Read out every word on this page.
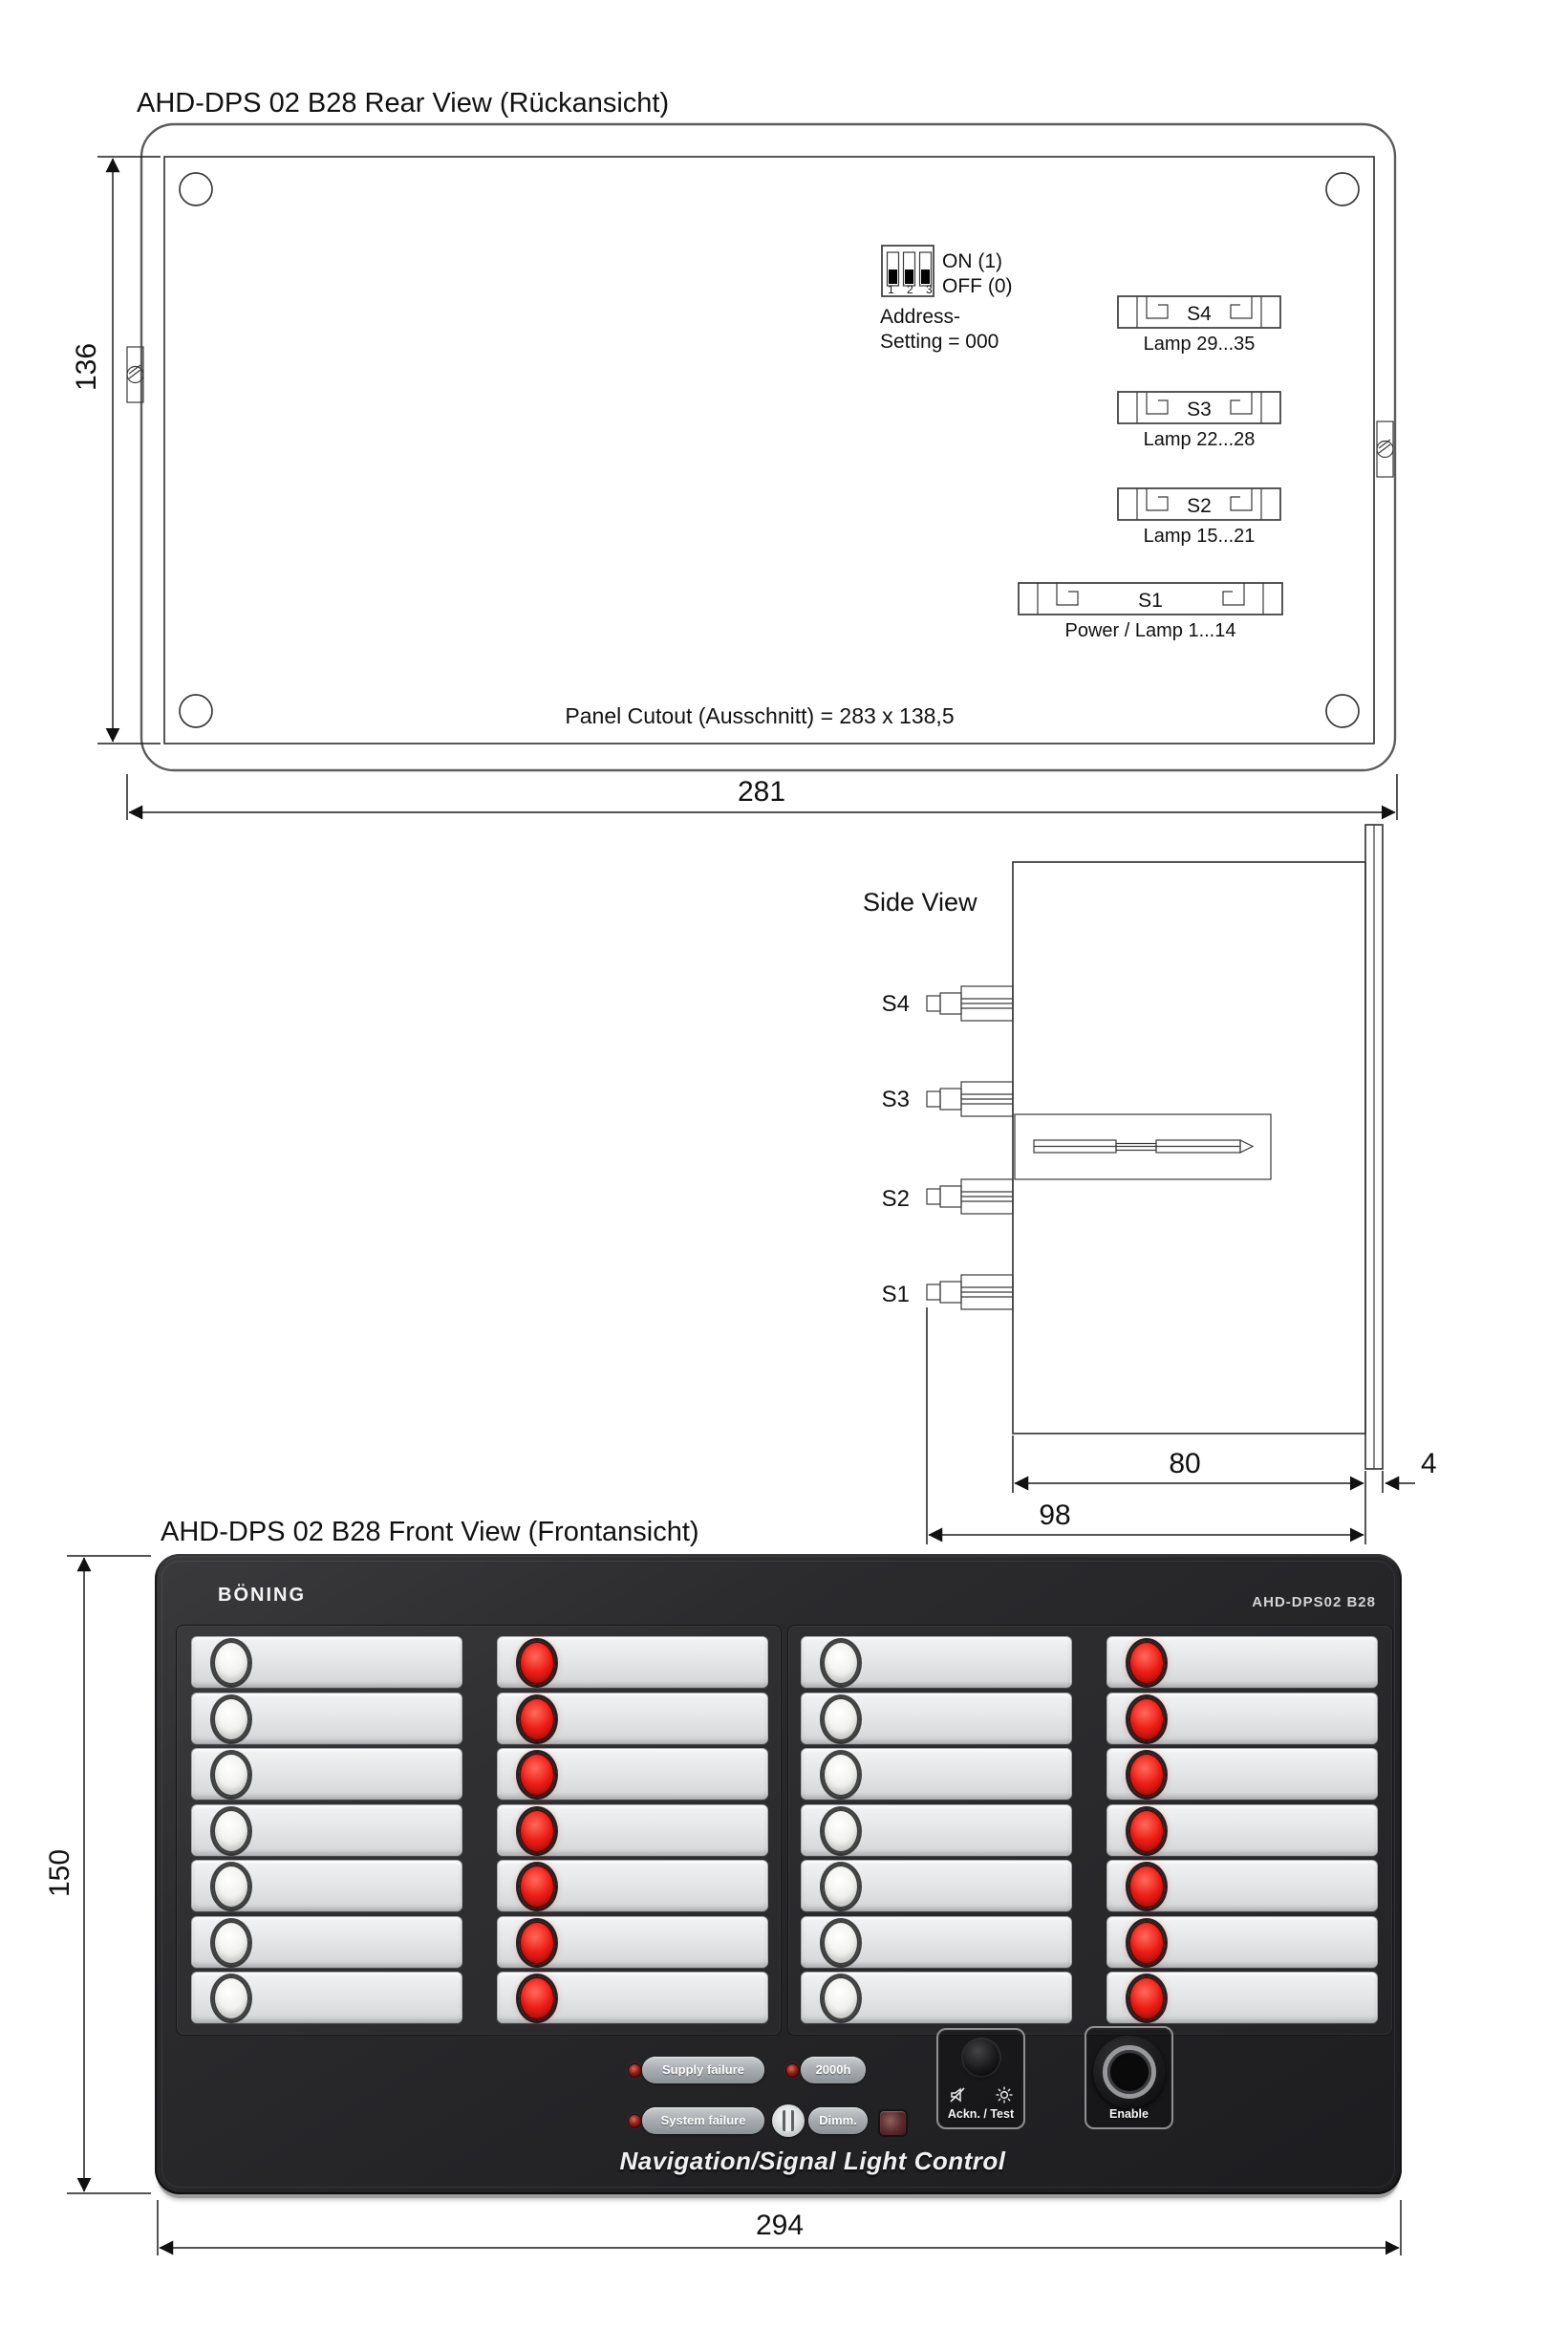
AHD-DPS 02 B28 Rear View (Rückansicht)
1 2 3
ON (1)
OFF (0)
Address-
Setting = 000
S4
Lamp 29...35
S3
Lamp 22...28
S2
Lamp 15...21
S1
Power / Lamp 1...14
Panel Cutout (Ausschnitt) = 283 x 138,5
136
281
Side View
S4
S3
S2
S1
80	4
98
AHD-DPS 02 B28 Front View (Frontansicht)
150
294
BÖNING	AHD-DPS02 B28
Supply failure	2000h
System failure	Dimm.	Ackn. / Test	Enable
Navigation/Signal Light Control
